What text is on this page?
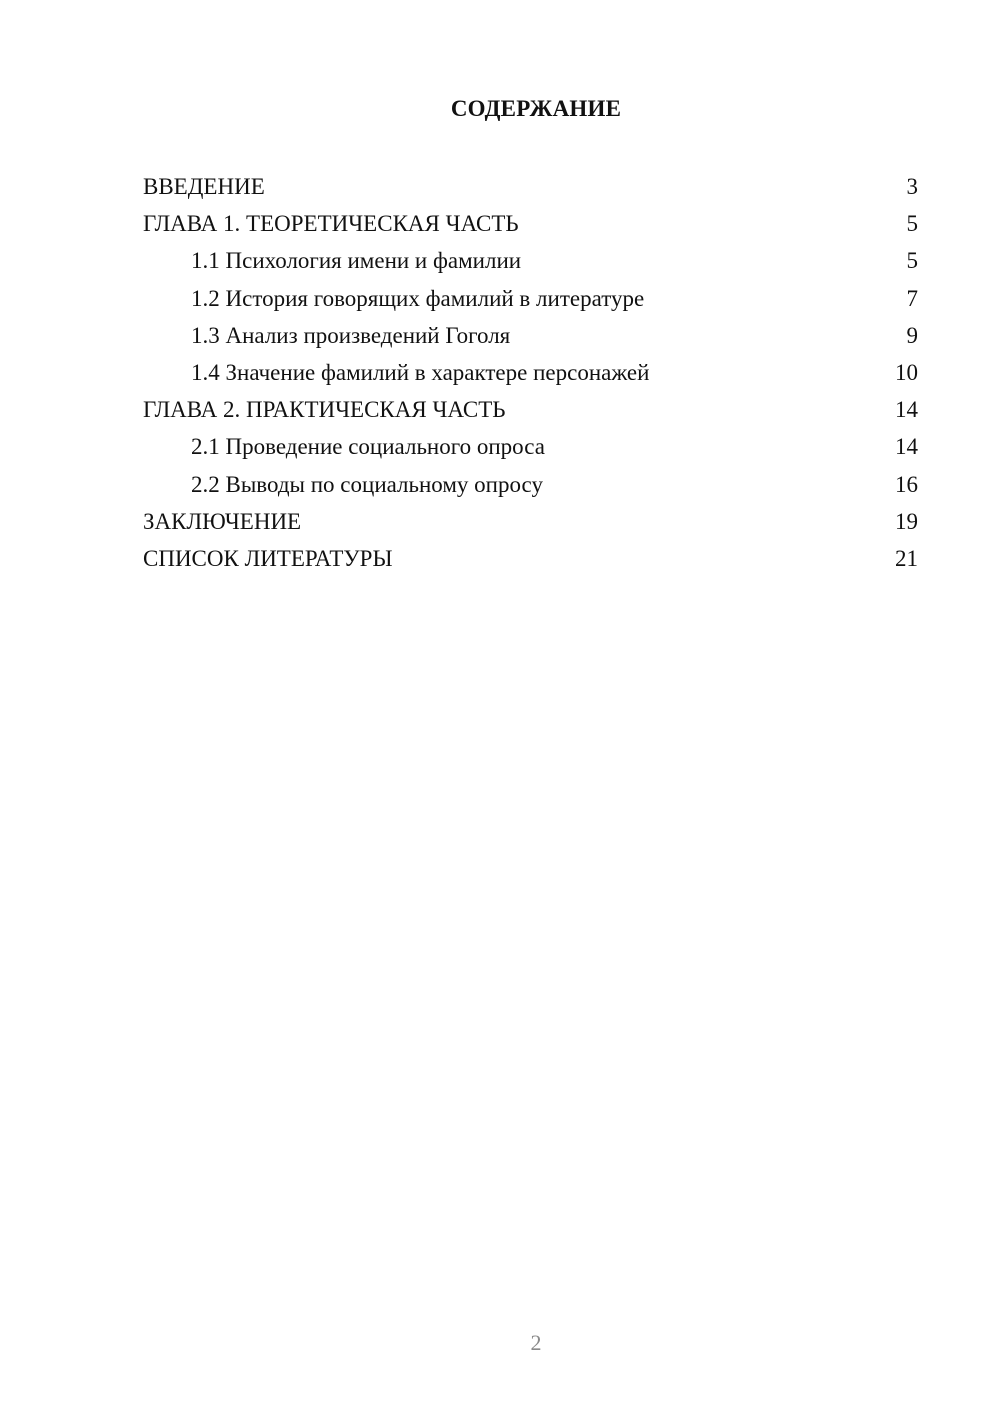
СОДЕРЖАНИЕ
ВВЕДЕНИЕ	3
ГЛАВА 1. ТЕОРЕТИЧЕСКАЯ ЧАСТЬ	5
1.1 Психология имени и фамилии	5
1.2 История говорящих фамилий в литературе	7
1.3 Анализ произведений Гоголя	9
1.4 Значение фамилий в характере персонажей	10
ГЛАВА 2. ПРАКТИЧЕСКАЯ ЧАСТЬ	14
2.1 Проведение социального опроса	14
2.2 Выводы по социальному опросу	16
ЗАКЛЮЧЕНИЕ	19
СПИСОК ЛИТЕРАТУРЫ	21
2
